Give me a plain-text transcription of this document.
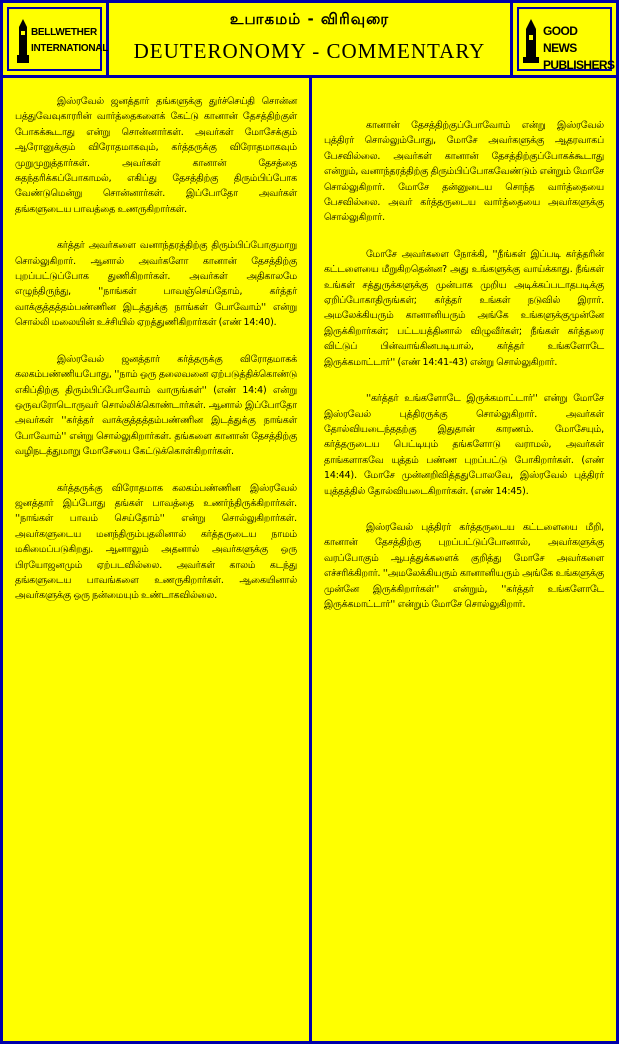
BELLWETHER INTERNATIONAL
உபாகமம் - விரிவுரை
DEUTERONOMY - COMMENTARY
GOOD NEWS PUBLISHERS

இஸ்ரவேல் ஜனத்தார் தங்களுக்கு துர்ச்செய்தி சொன்ன பத்துவேவுகாரரின் வார்த்தைகளைக் கேட்டு கானான் தேசத்திற்குள் போகக்கூடாது என்று சொன்னார்கள். அவர்கள் மோசேக்கும் ஆரோனுக்கும் விரோதமாகவும், கர்த்தருக்கு விரோதமாகவும் முறுமுறுத்தார்கள். அவர்கள் கானான் தேசத்தை சுதந்தரிக்கப்போகாமல், எகிப்து தேசத்திற்கு திரும்பிப்போக வேண்டுமென்று சொன்னார்கள். இப்போதோ அவர்கள் தங்களுடைய பாவத்தை உணருகிறார்கள்.

கர்த்தர் அவர்களை வனாந்தரத்திற்கு திரும்பிப்போகுமாறு சொல்லுகிறார். ஆனால் அவர்களோ கானான் தேசத்திற்கு புறப்பட்டுப்போக துணிகிறார்கள். அவர்கள் அதிகாலமே எழுந்திருந்து, ''நாங்கள் பாவஞ்செய்தோம், கர்த்தர் வாக்குத்தத்தம்பண்ணின இடத்துக்கு நாங்கள் போவோம்'' என்று சொல்லி மலையின் உச்சியில் ஏறத்துணிகிறார்கள் (எண் 14:40).

இஸ்ரவேல் ஜனத்தார் கர்த்தருக்கு விரோதமாகக் கலகம்பண்ணியபோது, ''நாம் ஒரு தலைவனை ஏற்படுத்திக்கொண்டு எகிப்திற்கு திரும்பிப்போவோம் வாருங்கள்'' (எண் 14:4) என்று ஒருவரோடொருவர் சொல்லிக்கொண்டார்கள். ஆனால் இப்போதோ அவர்கள் ''கர்த்தர் வாக்குத்தத்தம்பண்ணின இடத்துக்கு நாங்கள் போவோம்'' என்று சொல்லுகிறார்கள். தங்களை கானான் தேசத்திற்கு வழிநடத்துமாறு மோசேயை கேட்டுக்கொள்கிறார்கள்.

கர்த்தருக்கு விரோதமாக கலகம்பண்ணின இஸ்ரவேல் ஜனத்தார் இப்போது தங்கள் பாவத்தை உணர்ந்திருக்கிறார்கள். ''நாங்கள் பாவம் செய்தோம்'' என்று சொல்லுகிறார்கள். அவர்களுடைய மனந்திரும்புதலினால் கர்த்தருடைய நாமம் மகிமைப்படுகிறது. ஆனாலும் அதனால் அவர்களுக்கு ஒரு பிரயோஜனமும் ஏற்படவில்லை. அவர்கள் காலம் கடந்து தங்களுடைய பாவங்களை உணருகிறார்கள். ஆகையினால் அவர்களுக்கு ஒரு நன்மையும் உண்டாகவில்லை.

கானான் தேசத்திற்குப்போவோம் என்று இஸ்ரவேல் புத்திரர் சொல்லும்போது, மோசே அவர்களுக்கு ஆதரவாகப் பேசவில்லை. அவர்கள் கானான் தேசத்திற்குப்போகக்கூடாது என்றும், வனாந்தரத்திற்கு திரும்பிப்போகவேண்டும் என்றும் மோசே சொல்லுகிறார். மோசே தன்னுடைய சொந்த வார்த்தையை பேசவில்லை. அவர் கர்த்தருடைய வார்த்தையை அவர்களுக்கு சொல்லுகிறார்.

மோசே அவர்களை நோக்கி, ''நீங்கள் இப்படி கர்த்தரின் கட்டளையை மீறுகிறதென்ன? அது உங்களுக்கு வாய்க்காது. நீங்கள் உங்கள் சத்துருக்களுக்கு முன்பாக முறிய அடிக்கப்படாதபடிக்கு ஏறிப்போகாதிருங்கள்; கர்த்தர் உங்கள் நடுவில் இரார். அமலேக்கியரும் கானானியரும் அங்கே உங்களுக்குமுன்னே இருக்கிறார்கள்; பட்டயத்தினால் விழுவீர்கள்; நீங்கள் கர்த்தரை விட்டுப் பின்வாங்கினபடியால், கர்த்தர் உங்களோடே இருக்கமாட்டார்'' (எண் 14:41-43) என்று சொல்லுகிறார்.

''கர்த்தர் உங்களோடே இருக்கமாட்டார்'' என்று மோசே இஸ்ரவேல் புத்திரருக்கு சொல்லுகிறார். அவர்கள் தோல்வியடைந்ததற்கு இதுதான் காரணம். மோசேயும், கர்த்தருடைய பெட்டியும் தங்களோடு வராமல், அவர்கள் தாங்களாகவே யுத்தம் பண்ண புறப்பட்டு போகிறார்கள். (எண் 14:44). மோசே முன்னறிவித்ததுபோலவே, இஸ்ரவேல் புத்திரர் யுத்தத்தில் தோல்வியடைகிறார்கள். (எண் 14:45).

இஸ்ரவேல் புத்திரர் கர்த்தருடைய கட்டளையை மீறி, கானான் தேசத்திற்கு புறப்பட்டுப்போனால், அவர்களுக்கு வரப்போகும் ஆபத்துக்களைக் குறித்து மோசே அவர்களை எச்சரிக்கிறார். ''அமலேக்கியரும் கானானியரும் அங்கே உங்களுக்கு முன்னே இருக்கிறார்கள்'' என்றும், ''கர்த்தர் உங்களோடே இருக்கமாட்டார்'' என்றும் மோசே சொல்லுகிறார்.
